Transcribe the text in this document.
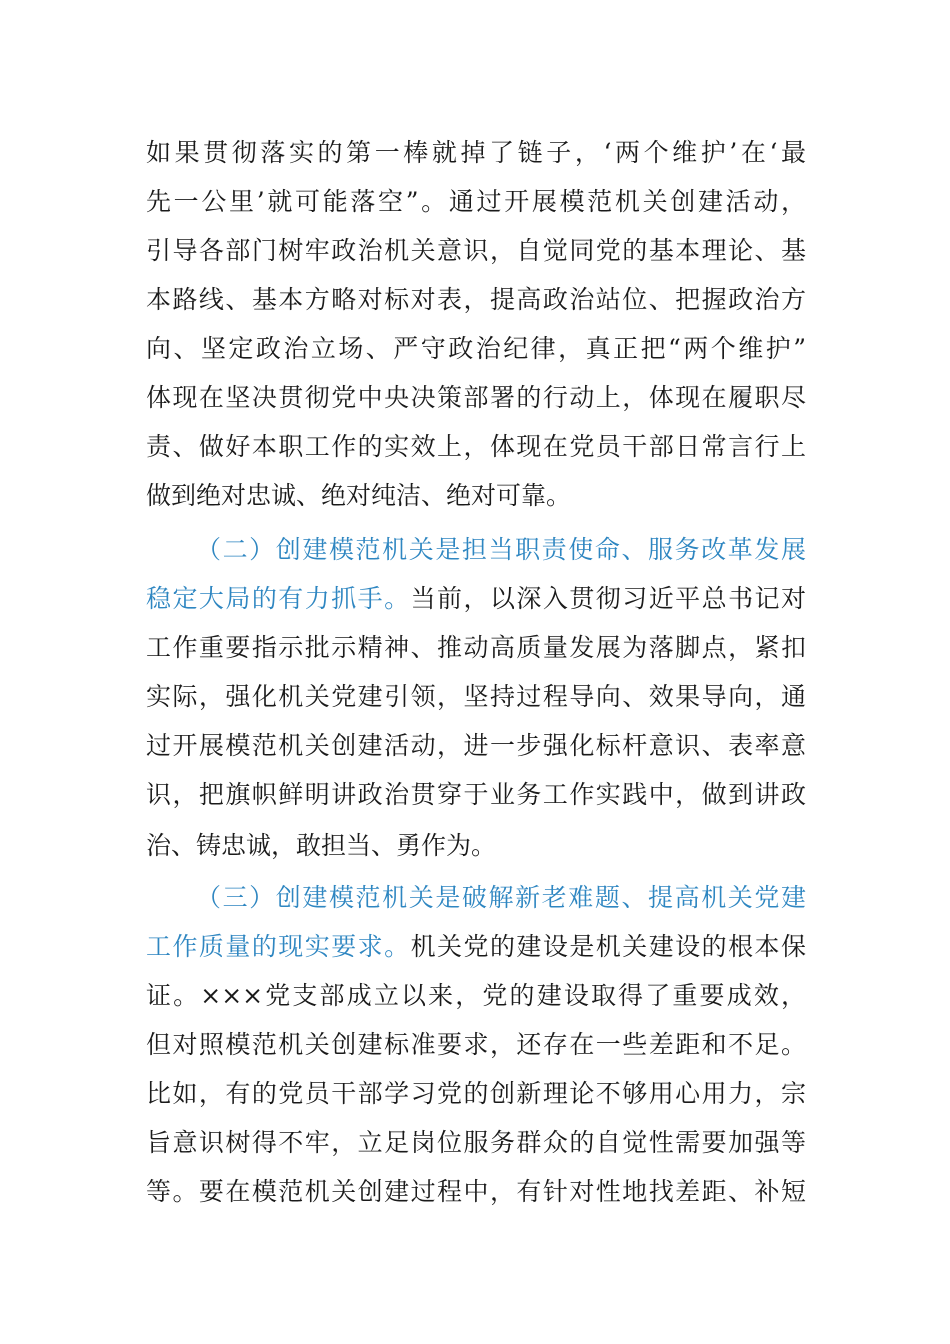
如果贯彻落实的第一棒就掉了链子，‘两个维护’在‘最
先一公里’就可能落空”。通过开展模范机关创建活动，
引导各部门树牢政治机关意识，自觉同党的基本理论、基
本路线、基本方略对标对表，提高政治站位、把握政治方
向、坚定政治立场、严守政治纪律，真正把“两个维护”
体现在坚决贯彻党中央决策部署的行动上，体现在履职尽
责、做好本职工作的实效上，体现在党员干部日常言行上
做到绝对忠诚、绝对纯洁、绝对可靠。
（二）创建模范机关是担当职责使命、服务改革发展
稳定大局的有力抓手。当前，以深入贯彻习近平总书记对
工作重要指示批示精神、推动高质量发展为落脚点，紧扣
实际，强化机关党建引领，坚持过程导向、效果导向，通
过开展模范机关创建活动，进一步强化标杆意识、表率意
识，把旗帜鲜明讲政治贯穿于业务工作实践中，做到讲政
治、铸忠诚，敢担当、勇作为。
（三）创建模范机关是破解新老难题、提高机关党建
工作质量的现实要求。机关党的建设是机关建设的根本保
证。×××党支部成立以来，党的建设取得了重要成效，
但对照模范机关创建标准要求，还存在一些差距和不足。
比如，有的党员干部学习党的创新理论不够用心用力，宗
旨意识树得不牢，立足岗位服务群众的自觉性需要加强等
等。要在模范机关创建过程中，有针对性地找差距、补短
